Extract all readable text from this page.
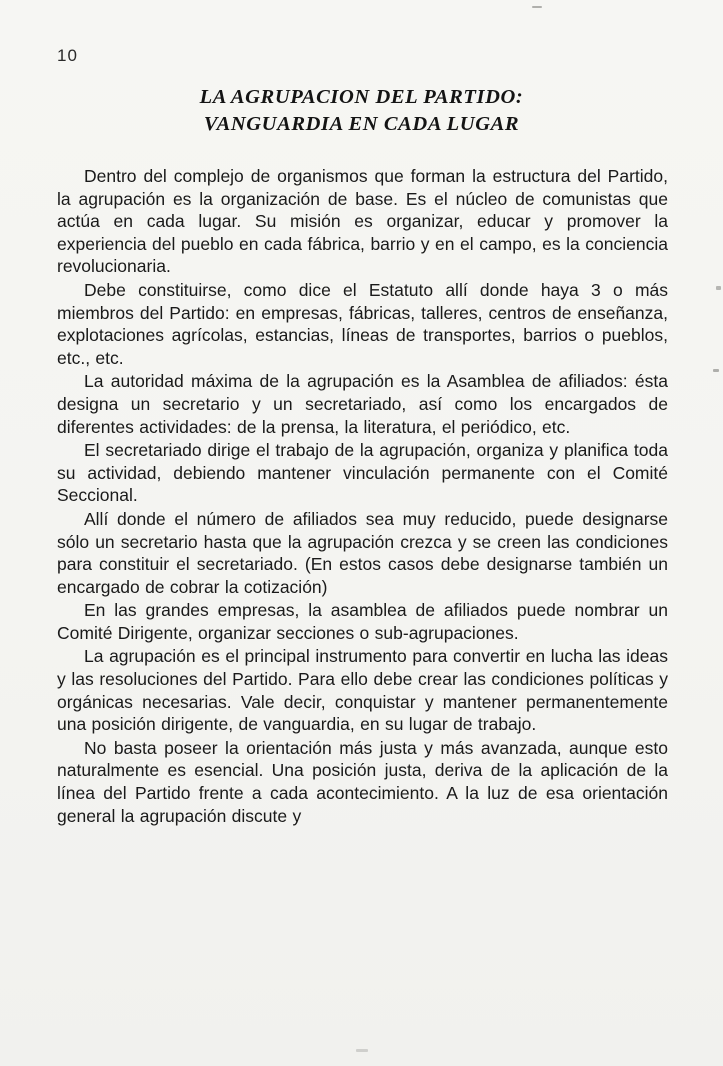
10
LA AGRUPACION DEL PARTIDO:
VANGUARDIA EN CADA LUGAR

Dentro del complejo de organismos que forman la estructura del Partido, la agrupación es la organización de base. Es el núcleo de comunistas que actúa en cada lugar. Su misión es organizar, educar y promover la experiencia del pueblo en cada fábrica, barrio y en el campo, es la conciencia revolucionaria.

Debe constituirse, como dice el Estatuto allí donde haya 3 o más miembros del Partido: en empresas, fábricas, talleres, centros de enseñanza, explotaciones agrícolas, estancias, líneas de transportes, barrios o pueblos, etc., etc.

La autoridad máxima de la agrupación es la Asamblea de afiliados: ésta designa un secretario y un secretariado, así como los encargados de diferentes actividades: de la prensa, la literatura, el periódico, etc.

El secretariado dirige el trabajo de la agrupación, organiza y planifica toda su actividad, debiendo mantener vinculación permanente con el Comité Seccional.

Allí donde el número de afiliados sea muy reducido, puede designarse sólo un secretario hasta que la agrupación crezca y se creen las condiciones para constituir el secretariado. (En estos casos debe designarse también un encargado de cobrar la cotización)

En las grandes empresas, la asamblea de afiliados puede nombrar un Comité Dirigente, organizar secciones o sub-agrupaciones.

La agrupación es el principal instrumento para convertir en lucha las ideas y las resoluciones del Partido. Para ello debe crear las condiciones políticas y orgánicas necesarias. Vale decir, conquistar y mantener permanentemente una posición dirigente, de vanguardia, en su lugar de trabajo.

No basta poseer la orientación más justa y más avanzada, aunque esto naturalmente es esencial. Una posición justa, deriva de la aplicación de la línea del Partido frente a cada acontecimiento. A la luz de esa orientación general la agrupación discute y
